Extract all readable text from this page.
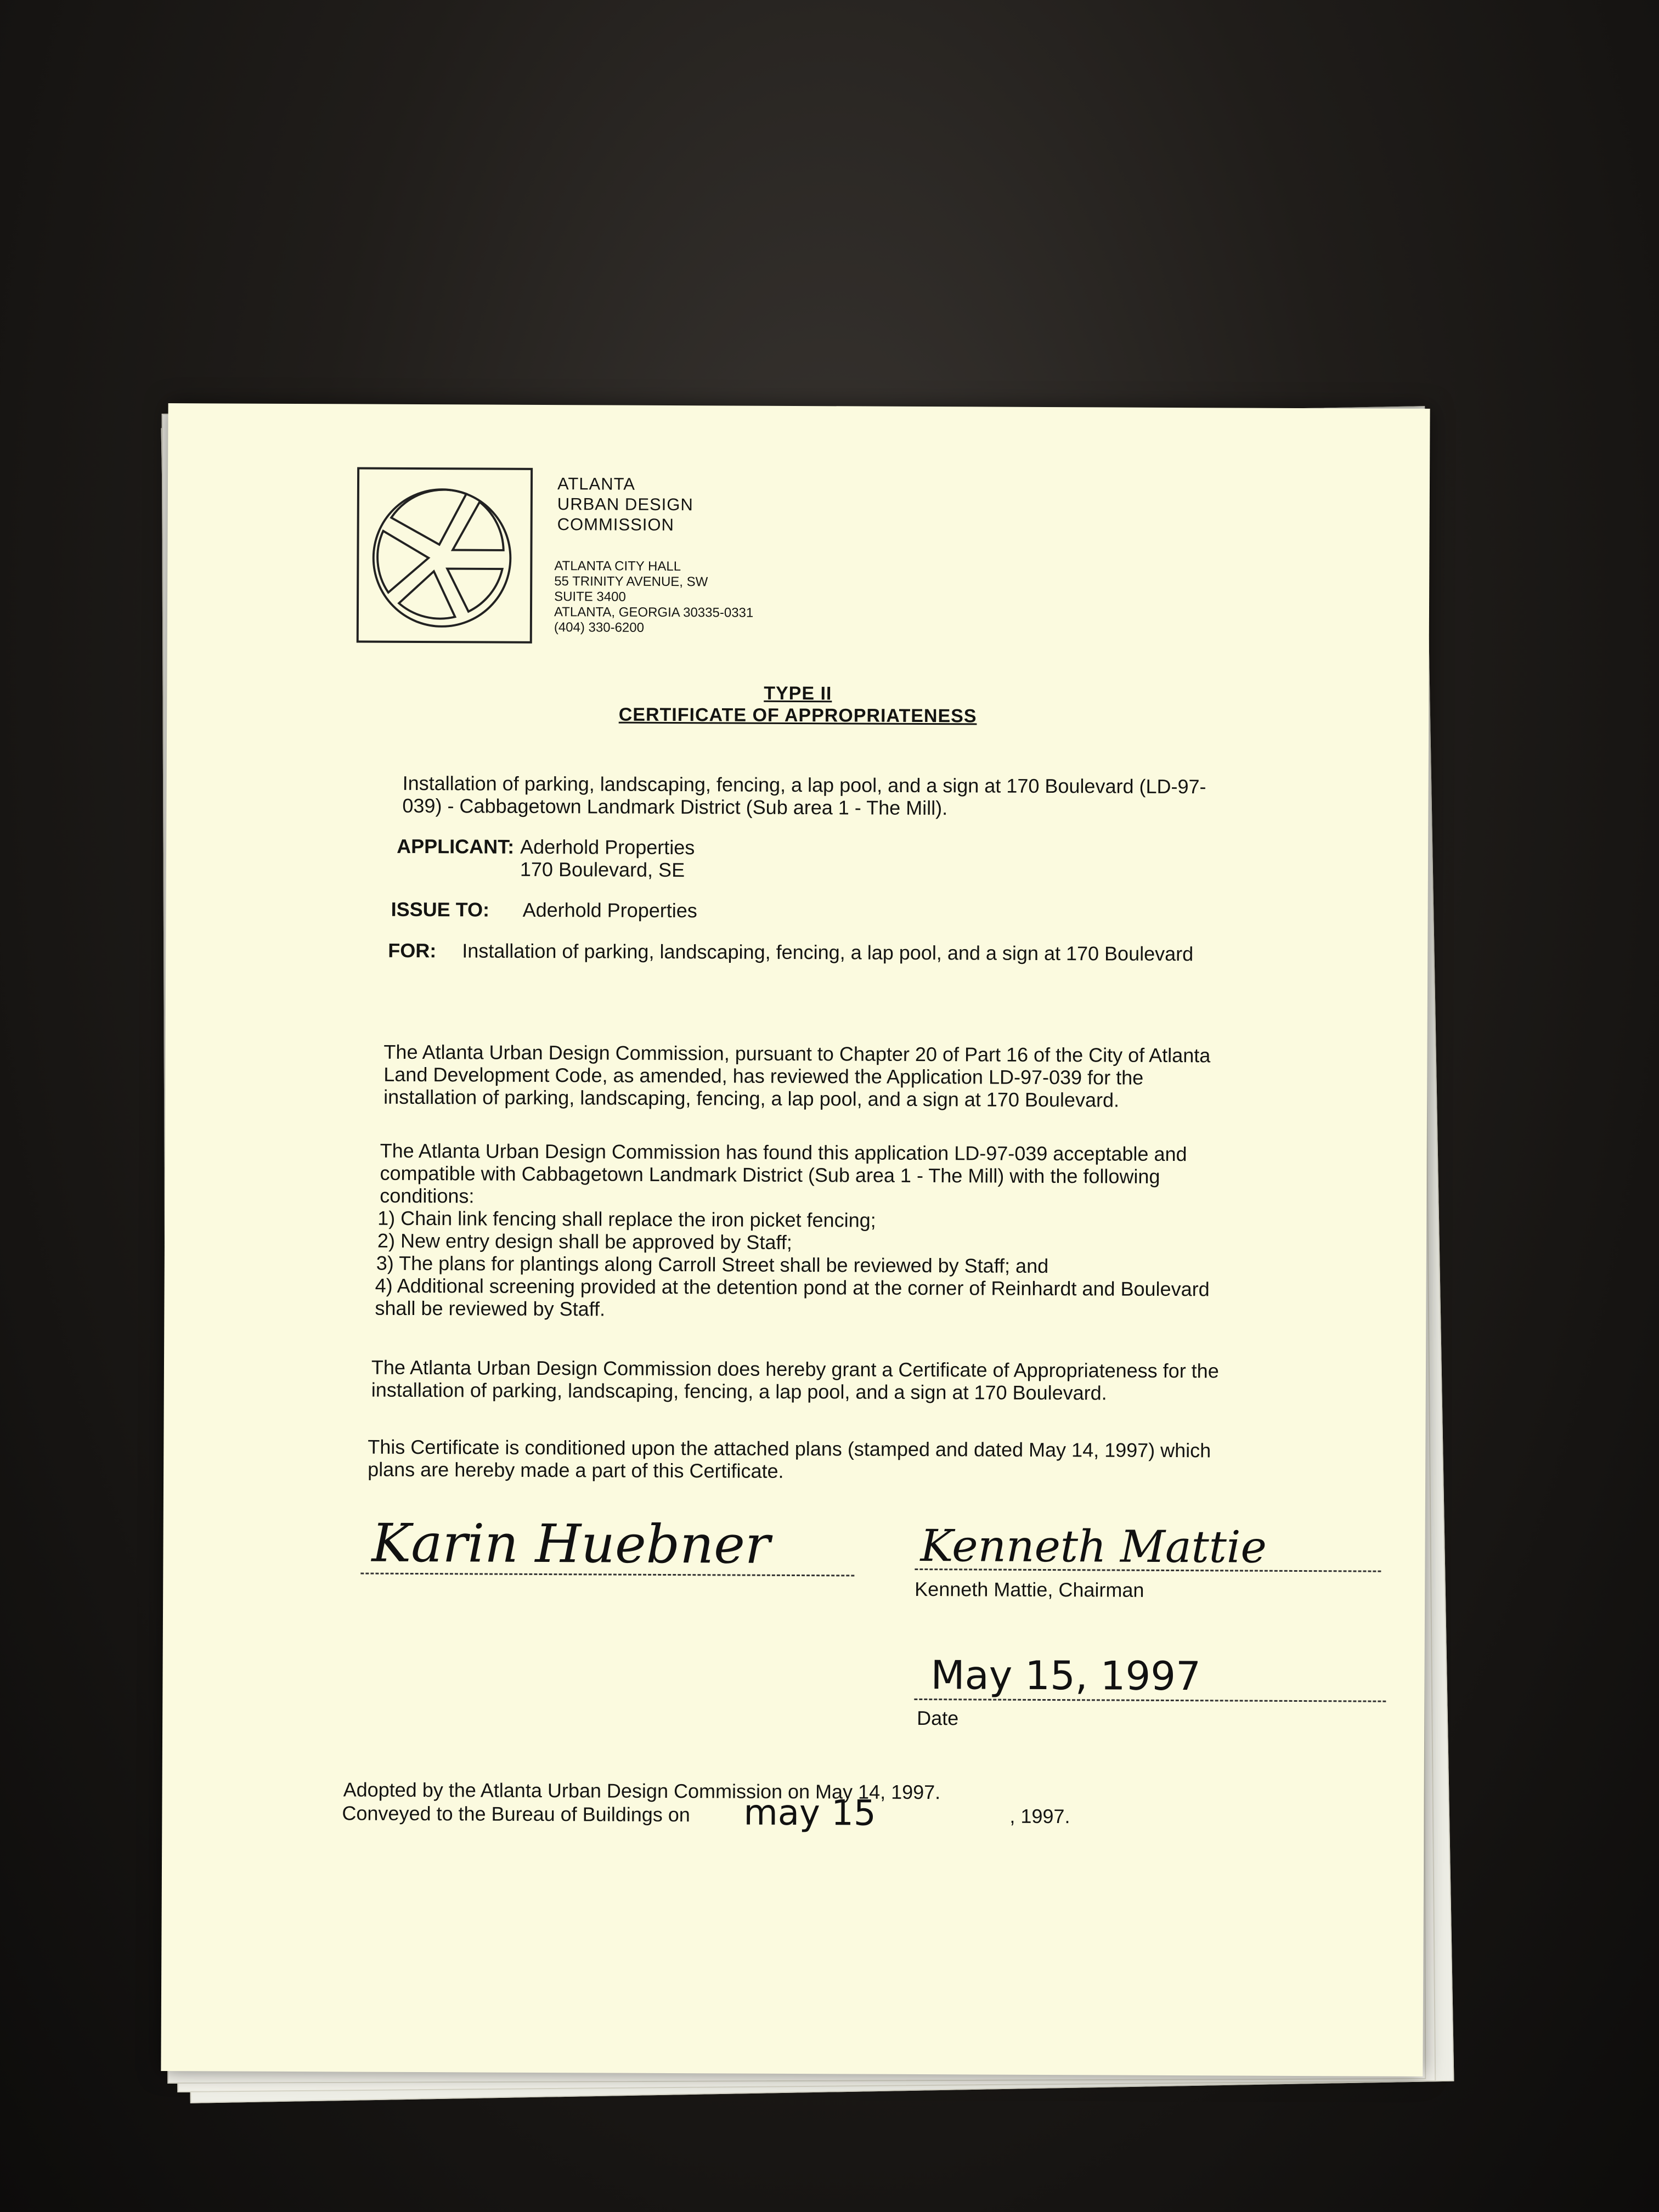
ATLANTA
URBAN DESIGN
COMMISSION
ATLANTA CITY HALL
55 TRINITY AVENUE, SW
SUITE 3400
ATLANTA, GEORGIA 30335-0331
(404) 330-6200
TYPE II
CERTIFICATE OF APPROPRIATENESS
Installation of parking, landscaping, fencing, a lap pool, and a sign at 170 Boulevard (LD-97-
039) - Cabbagetown Landmark District (Sub area 1 - The Mill).
APPLICANT: Aderhold Properties
170 Boulevard, SE
ISSUE TO: Aderhold Properties
FOR: Installation of parking, landscaping, fencing, a lap pool, and a sign at 170 Boulevard
The Atlanta Urban Design Commission, pursuant to Chapter 20 of Part 16 of the City of Atlanta
Land Development Code, as amended, has reviewed the Application LD-97-039 for the
installation of parking, landscaping, fencing, a lap pool, and a sign at 170 Boulevard.
The Atlanta Urban Design Commission has found this application LD-97-039 acceptable and
compatible with Cabbagetown Landmark District (Sub area 1 - The Mill) with the following
conditions:
1) Chain link fencing shall replace the iron picket fencing;
2) New entry design shall be approved by Staff;
3) The plans for plantings along Carroll Street shall be reviewed by Staff; and
4) Additional screening provided at the detention pond at the corner of Reinhardt and Boulevard
shall be reviewed by Staff.
The Atlanta Urban Design Commission does hereby grant a Certificate of Appropriateness for the
installation of parking, landscaping, fencing, a lap pool, and a sign at 170 Boulevard.
This Certificate is conditioned upon the attached plans (stamped and dated May 14, 1997) which
plans are hereby made a part of this Certificate.
Karin Huebner	Kenneth Mattie
Kenneth Mattie, Chairman
May 15, 1997
Date
Adopted by the Atlanta Urban Design Commission on May 14, 1997.
Conveyed to the Bureau of Buildings on may 15	, 1997.
